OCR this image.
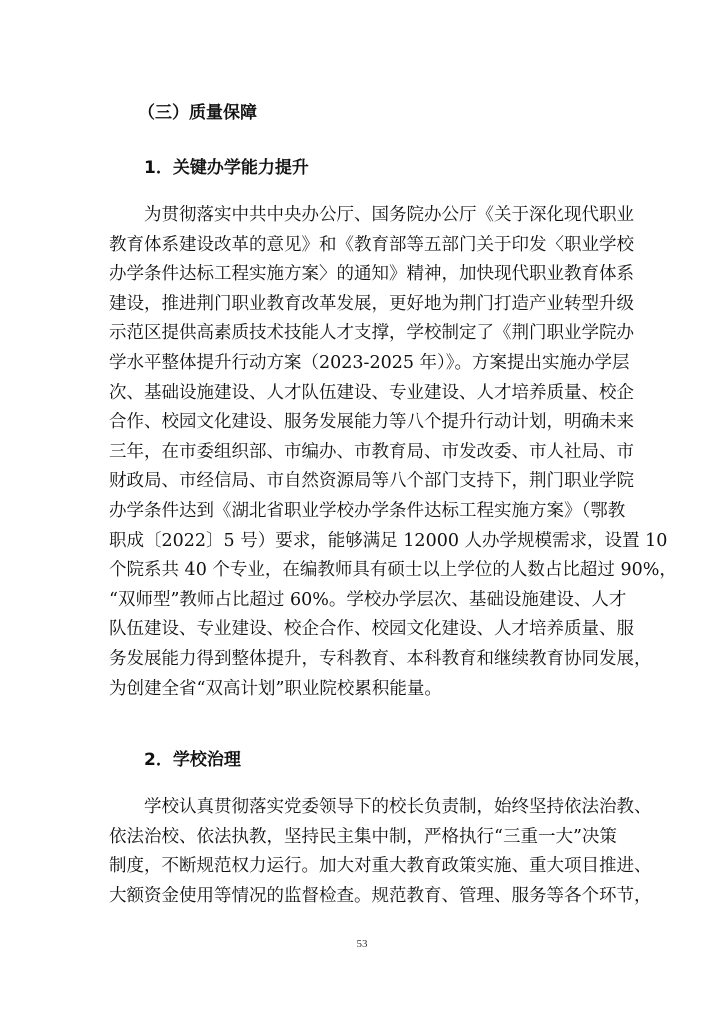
（三）质量保障
1．关键办学能力提升
为贯彻落实中共中央办公厅、国务院办公厅《关于深化现代职业
教育体系建设改革的意见》和《教育部等五部门关于印发〈职业学校
办学条件达标工程实施方案〉的通知》精神，加快现代职业教育体系
建设，推进荆门职业教育改革发展，更好地为荆门打造产业转型升级
示范区提供高素质技术技能人才支撑，学校制定了《荆门职业学院办
学水平整体提升行动方案（2023-2025 年）》。方案提出实施办学层
次、基础设施建设、人才队伍建设、专业建设、人才培养质量、校企
合作、校园文化建设、服务发展能力等八个提升行动计划，明确未来
三年，在市委组织部、市编办、市教育局、市发改委、市人社局、市
财政局、市经信局、市自然资源局等八个部门支持下，荆门职业学院
办学条件达到《湖北省职业学校办学条件达标工程实施方案》（鄂教
职成〔2022〕5 号）要求，能够满足 12000 人办学规模需求，设置 10
个院系共 40 个专业，在编教师具有硕士以上学位的人数占比超过 90%，
“双师型”教师占比超过 60%。学校办学层次、基础设施建设、人才
队伍建设、专业建设、校企合作、校园文化建设、人才培养质量、服
务发展能力得到整体提升，专科教育、本科教育和继续教育协同发展，
为创建全省“双高计划”职业院校累积能量。
2．学校治理
学校认真贯彻落实党委领导下的校长负责制，始终坚持依法治教、
依法治校、依法执教，坚持民主集中制，严格执行“三重一大”决策
制度，不断规范权力运行。加大对重大教育政策实施、重大项目推进、
大额资金使用等情况的监督检查。规范教育、管理、服务等各个环节，
53
